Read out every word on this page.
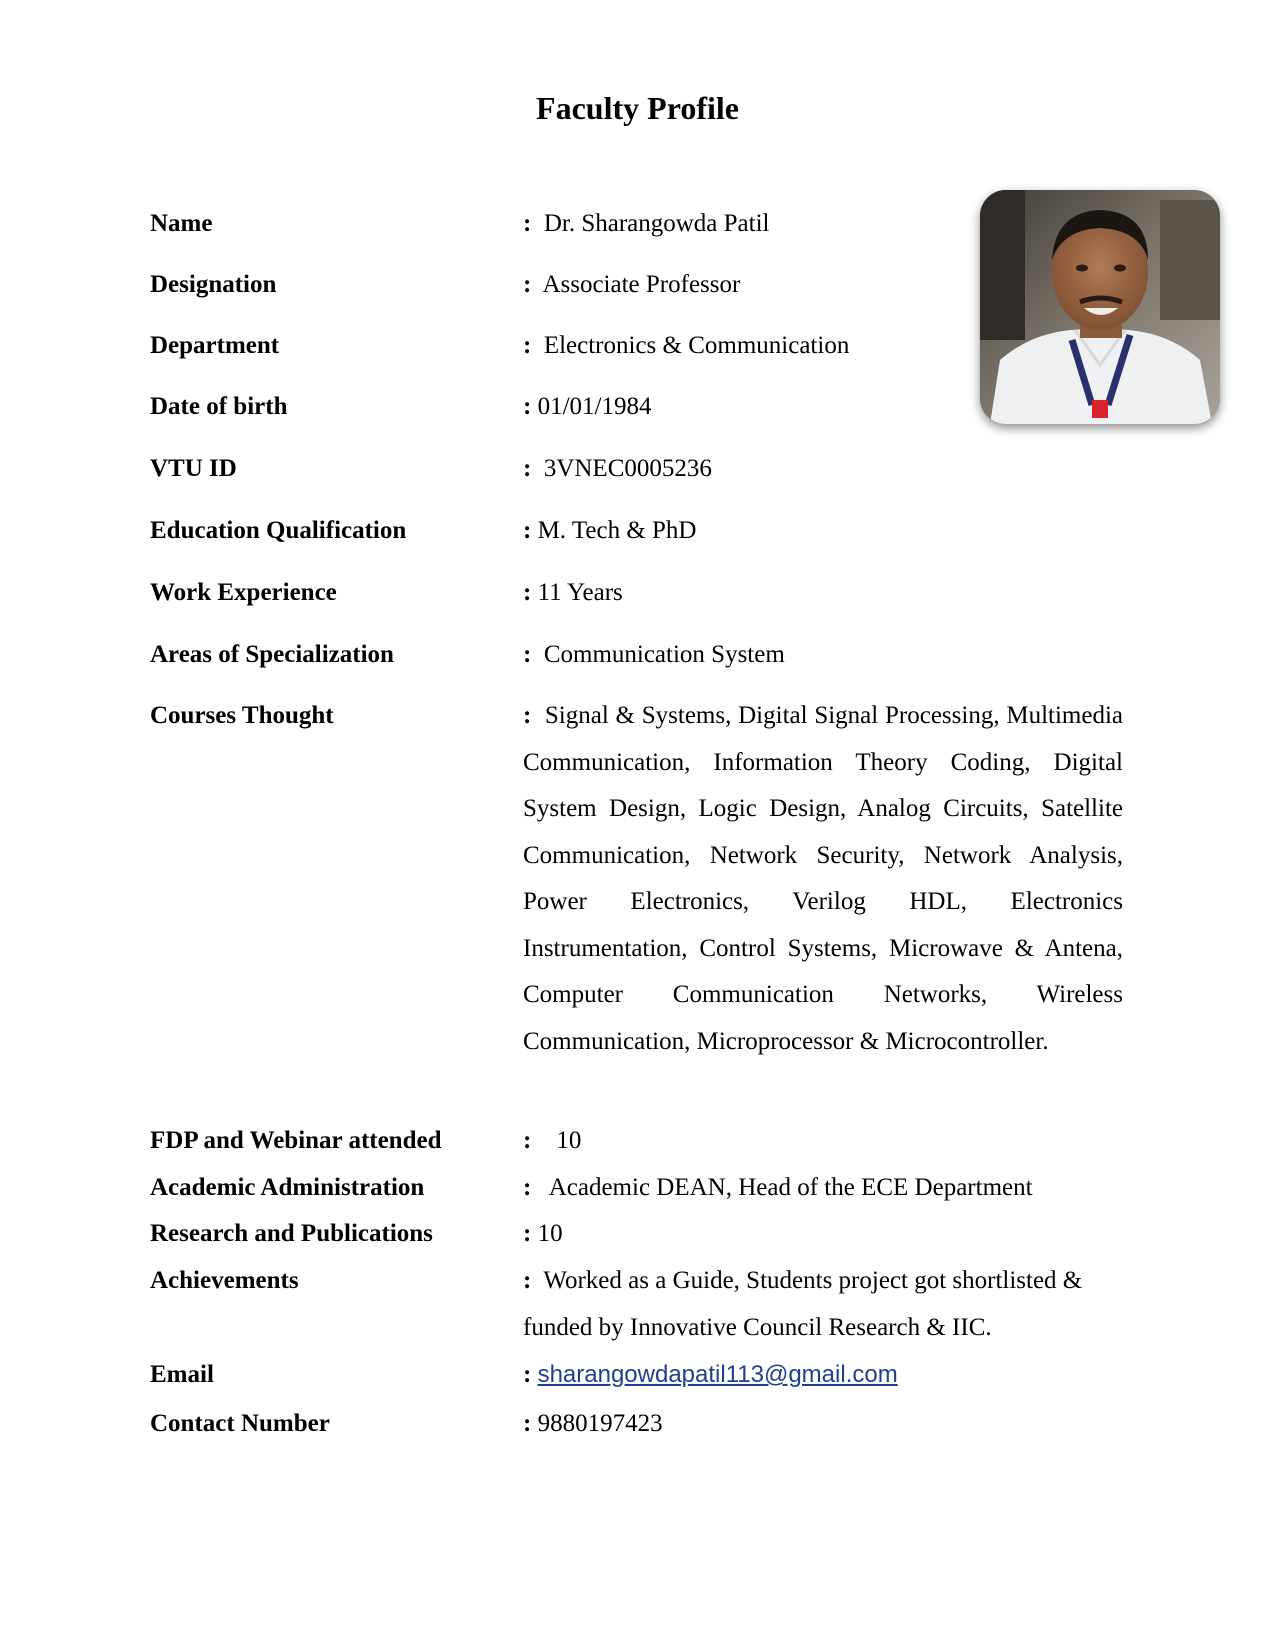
Faculty Profile
Name	: Dr. Sharangowda Patil
Designation	: Associate Professor
Department	: Electronics & Communication
Date of birth	: 01/01/1984
VTU ID	: 3VNEC0005236
Education Qualification	: M. Tech & PhD
Work Experience	: 11 Years
Areas of Specialization	: Communication System
Courses Thought	: Signal & Systems, Digital Signal Processing, Multimedia Communication, Information Theory Coding, Digital System Design, Logic Design, Analog Circuits, Satellite Communication, Network Security, Network Analysis, Power Electronics, Verilog HDL, Electronics Instrumentation, Control Systems, Microwave & Antena, Computer Communication Networks, Wireless Communication, Microprocessor & Microcontroller.
FDP and Webinar attended	: 10
Academic Administration	: Academic DEAN, Head of the ECE Department
Research and Publications	: 10
Achievements	: Worked as a Guide, Students project got shortlisted & funded by Innovative Council Research & IIC.
Email	: sharangowdapatil113@gmail.com
Contact Number	: 9880197423
